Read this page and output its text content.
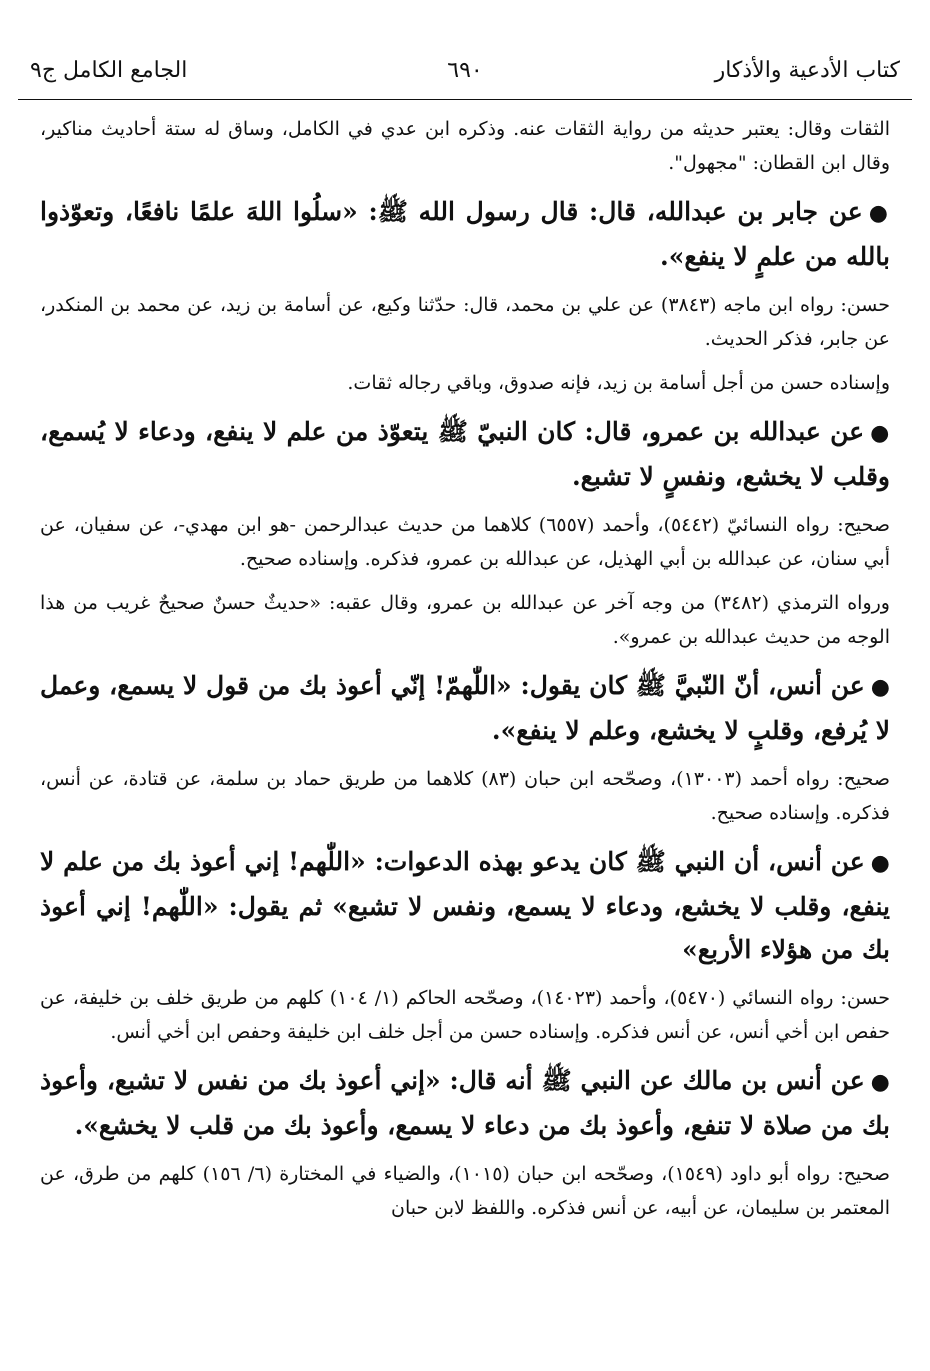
كتاب الأدعية والأذكار
٦٩٠
الجامع الكامل ج٩

الثقات وقال: يعتبر حديثه من رواية الثقات عنه. وذكره ابن عدي في الكامل، وساق له ستة أحاديث مناكير، وقال ابن القطان: "مجهول".

●عن جابر بن عبدالله، قال: قال رسول الله ﷺ: «سلُوا اللهَ علمًا نافعًا، وتعوّذوا بالله من علمٍ لا ينفع».

حسن: رواه ابن ماجه (٣٨٤٣) عن علي بن محمد، قال: حدّثنا وكيع، عن أسامة بن زيد، عن محمد بن المنكدر، عن جابر، فذكر الحديث.

وإسناده حسن من أجل أسامة بن زيد، فإنه صدوق، وباقي رجاله ثقات.

●عن عبدالله بن عمرو، قال: كان النبيّ ﷺ يتعوّذ من علم لا ينفع، ودعاء لا يُسمع، وقلب لا يخشع، ونفسٍ لا تشبع.

صحيح: رواه النسائيّ (٥٤٤٢)، وأحمد (٦٥٥٧) كلاهما من حديث عبدالرحمن -هو ابن مهدي-، عن سفيان، عن أبي سنان، عن عبدالله بن أبي الهذيل، عن عبدالله بن عمرو، فذكره. وإسناده صحيح.

ورواه الترمذي (٣٤٨٢) من وجه آخر عن عبدالله بن عمرو، وقال عقبه: «حديثٌ حسنٌ صحيحٌ غريب من هذا الوجه من حديث عبدالله بن عمرو».

●عن أنس، أنّ النّبيَّ ﷺ كان يقول: «اللّٰهمّ! إنّي أعوذ بك من قول لا يسمع، وعمل لا يُرفع، وقلبٍ لا يخشع، وعلم لا ينفع».

صحيح: رواه أحمد (١٣٠٠٣)، وصحّحه ابن حبان (٨٣) كلاهما من طريق حماد بن سلمة، عن قتادة، عن أنس، فذكره. وإسناده صحيح.

●عن أنس، أن النبي ﷺ كان يدعو بهذه الدعوات: «اللّٰهم! إني أعوذ بك من علم لا ينفع، وقلب لا يخشع، ودعاء لا يسمع، ونفس لا تشبع» ثم يقول: «اللّٰهم! إني أعوذ بك من هؤلاء الأربع»

حسن: رواه النسائي (٥٤٧٠)، وأحمد (١٤٠٢٣)، وصحّحه الحاكم (١/ ١٠٤) كلهم من طريق خلف بن خليفة، عن حفص ابن أخي أنس، عن أنس فذكره. وإسناده حسن من أجل خلف ابن خليفة وحفص ابن أخي أنس.

●عن أنس بن مالك عن النبي ﷺ أنه قال: «إني أعوذ بك من نفس لا تشبع، وأعوذ بك من صلاة لا تنفع، وأعوذ بك من دعاء لا يسمع، وأعوذ بك من قلب لا يخشع».

صحيح: رواه أبو داود (١٥٤٩)، وصحّحه ابن حبان (١٠١٥)، والضياء في المختارة (٦/ ١٥٦) كلهم من طرق، عن المعتمر بن سليمان، عن أبيه، عن أنس فذكره. واللفظ لابن حبان
